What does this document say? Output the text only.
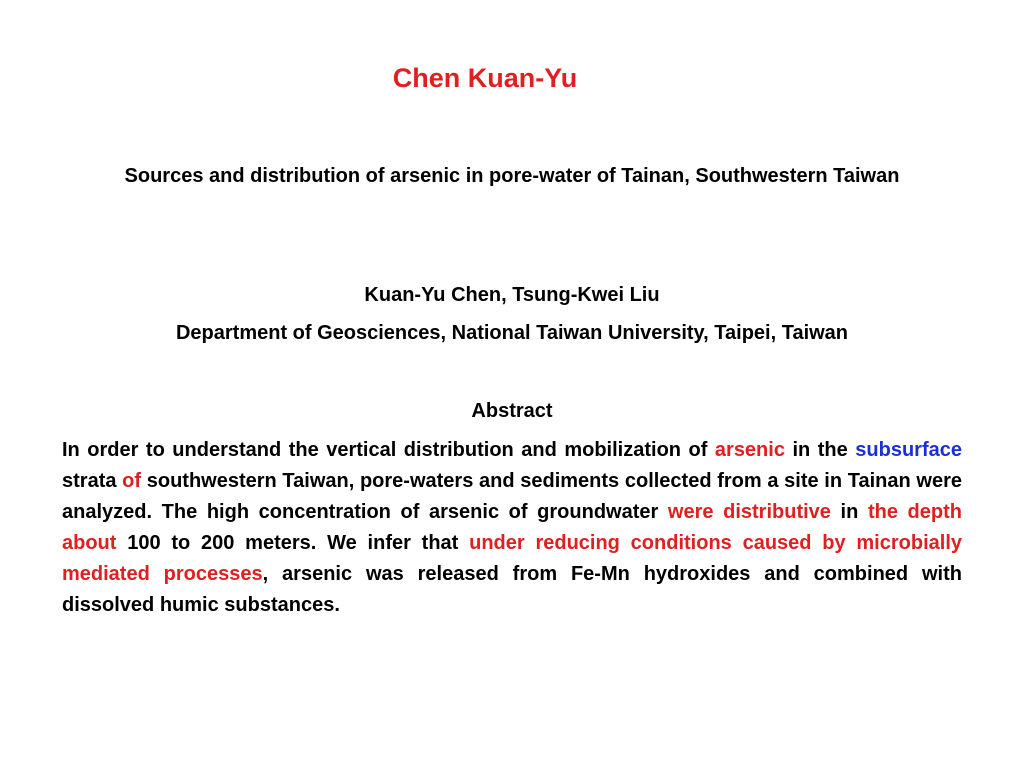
Chen Kuan-Yu
Sources and distribution of arsenic in pore-water of Tainan, Southwestern Taiwan
Kuan-Yu Chen, Tsung-Kwei Liu
Department of Geosciences, National Taiwan University, Taipei, Taiwan
Abstract
In order to understand the vertical distribution and mobilization of arsenic in the subsurface strata of southwestern Taiwan, pore-waters and sediments collected from a site in Tainan were analyzed. The high concentration of arsenic of groundwater were distributive in the depth about 100 to 200 meters. We infer that under reducing conditions caused by microbially mediated processes, arsenic was released from Fe-Mn hydroxides and combined with dissolved humic substances.
